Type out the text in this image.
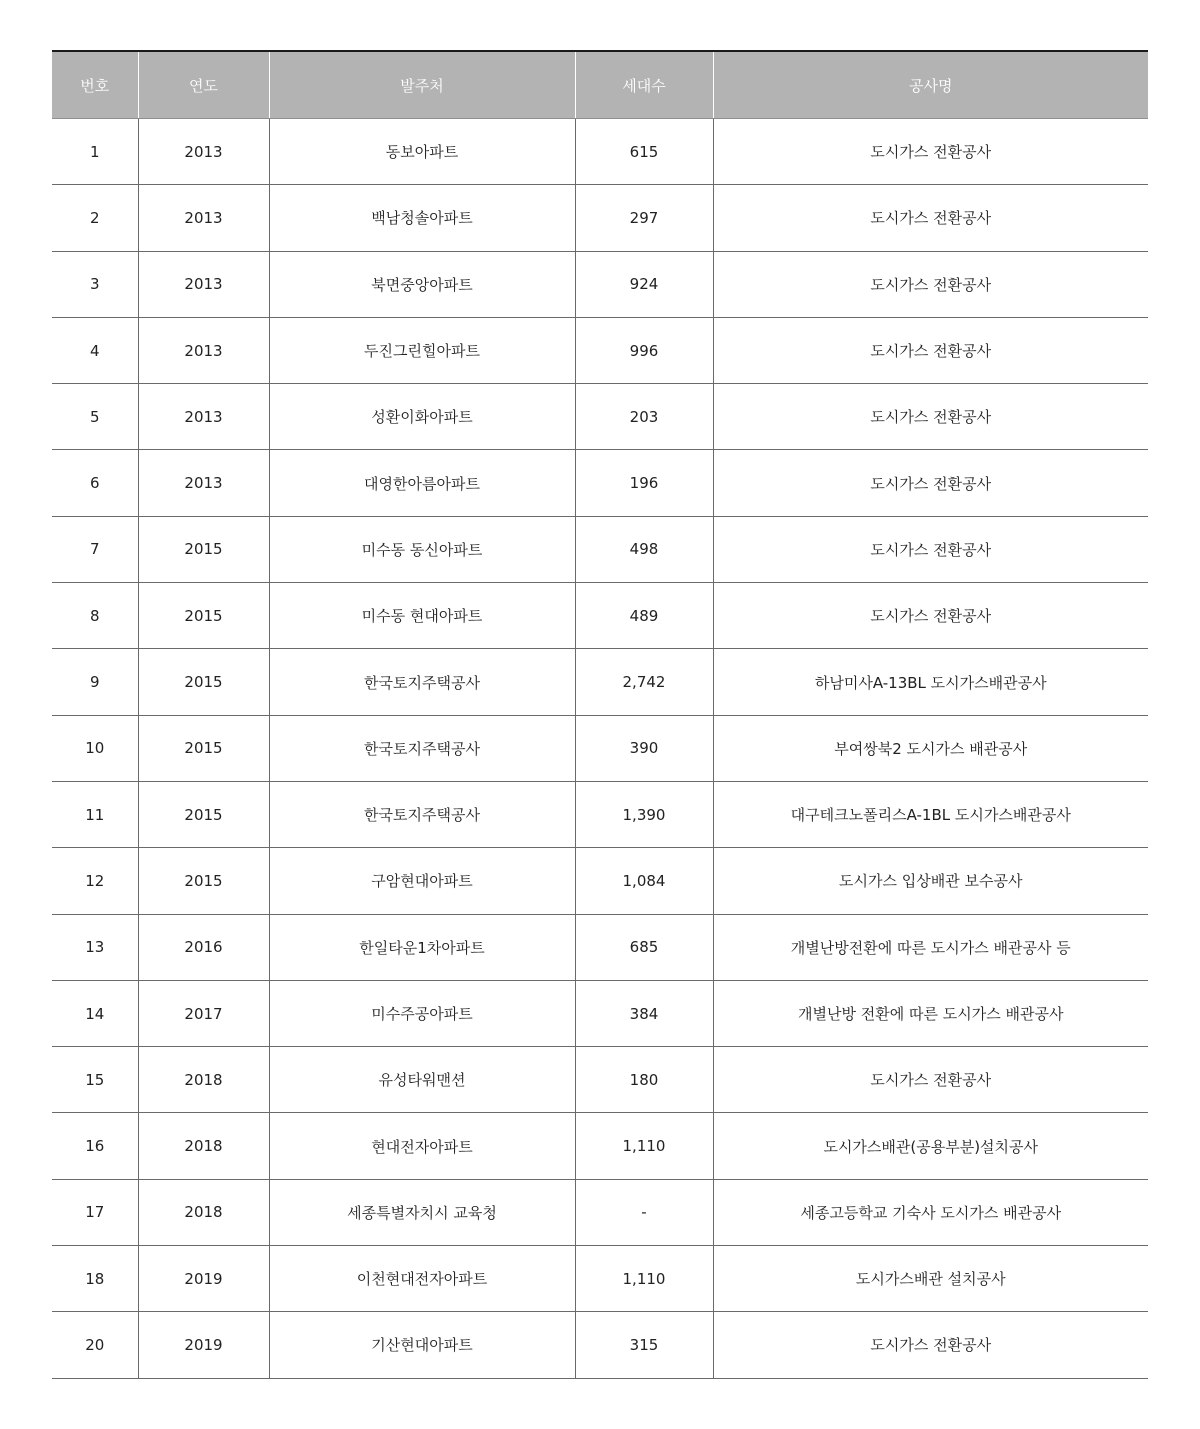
번호	연도	발주처	세대수	공사명
1	2013	동보아파트	615	도시가스 전환공사
2	2013	백남청솔아파트	297	도시가스 전환공사
3	2013	북면중앙아파트	924	도시가스 전환공사
4	2013	두진그린힐아파트	996	도시가스 전환공사
5	2013	성환이화아파트	203	도시가스 전환공사
6	2013	대영한아름아파트	196	도시가스 전환공사
7	2015	미수동 동신아파트	498	도시가스 전환공사
8	2015	미수동 현대아파트	489	도시가스 전환공사
9	2015	한국토지주택공사	2,742	하남미사A-13BL 도시가스배관공사
10	2015	한국토지주택공사	390	부여쌍북2 도시가스 배관공사
11	2015	한국토지주택공사	1,390	대구테크노폴리스A-1BL 도시가스배관공사
12	2015	구암현대아파트	1,084	도시가스 입상배관 보수공사
13	2016	한일타운1차아파트	685	개별난방전환에 따른 도시가스 배관공사 등
14	2017	미수주공아파트	384	개별난방 전환에 따른 도시가스 배관공사
15	2018	유성타워맨션	180	도시가스 전환공사
16	2018	현대전자아파트	1,110	도시가스배관(공용부분)설치공사
17	2018	세종특별자치시 교육청	-	세종고등학교 기숙사 도시가스 배관공사
18	2019	이천현대전자아파트	1,110	도시가스배관 설치공사
20	2019	기산현대아파트	315	도시가스 전환공사
